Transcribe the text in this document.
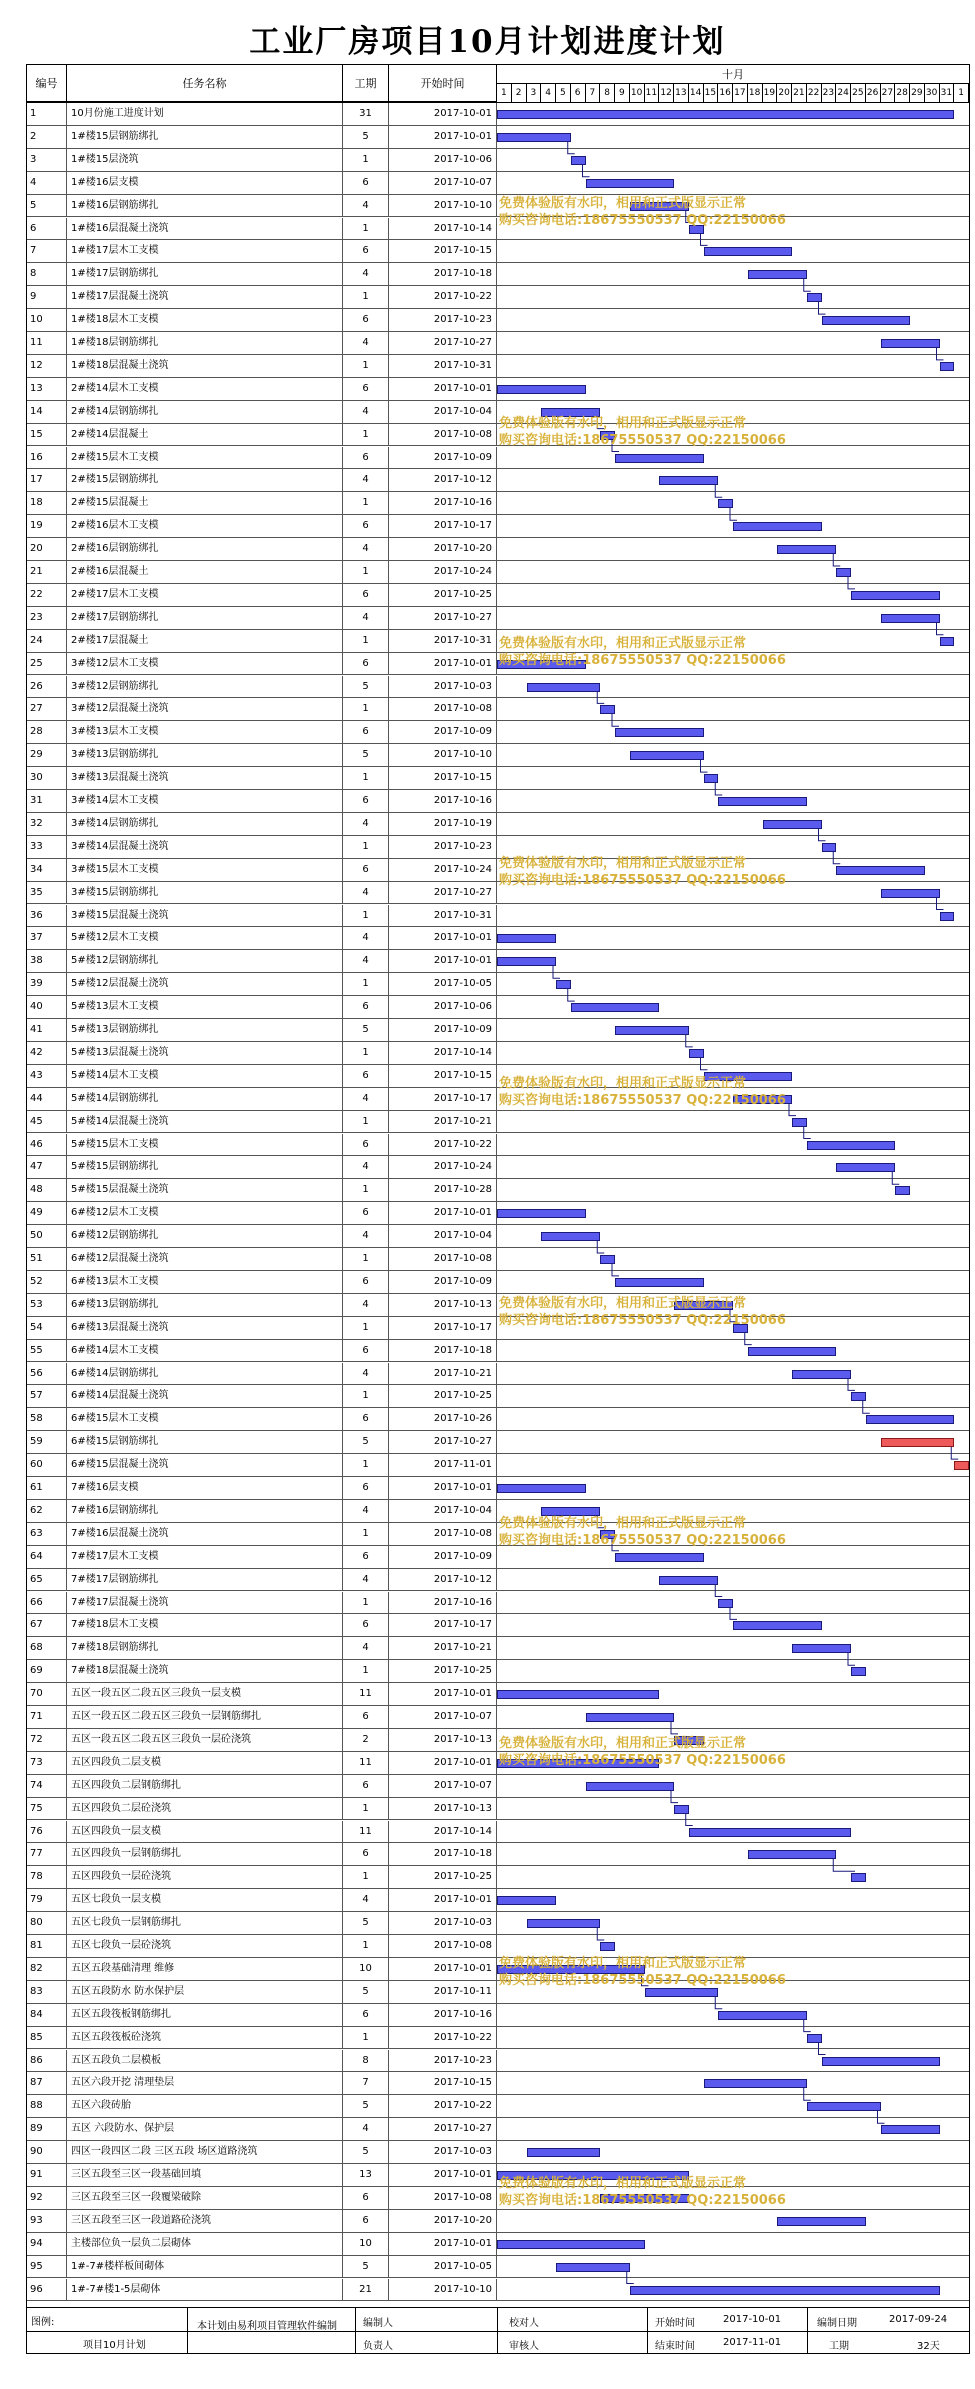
工业厂房项目10月计划进度计划
编号	任务名称	工期	开始时间
十月
1	2	3	4	5	6	7	8	9 10 11 12 13 14 15 16 17 18 19 20 21 22 23 24 25 26 27 28 29 30 31 1
1	10月份施工进度计划	31	2017-10-01
2	1#楼15层钢筋绑扎	5	2017-10-01
3	1#楼15层浇筑	1	2017-10-06
4	1#楼16层支模	6	2017-10-07
5	1#楼16层钢筋绑扎	4	2017-10-10
6	1#楼16层混凝土浇筑	1	2017-10-14
7	1#楼17层木工支模	6	2017-10-15
8	1#楼17层钢筋绑扎	4	2017-10-18
9	1#楼17层混凝土浇筑	1	2017-10-22
10	1#楼18层木工支模	6	2017-10-23
11	1#楼18层钢筋绑扎	4	2017-10-27
12	1#楼18层混凝土浇筑	1	2017-10-31
13	2#楼14层木工支模	6	2017-10-01
14	2#楼14层钢筋绑扎	4	2017-10-04
15	2#楼14层混凝土	1	2017-10-08
16	2#楼15层木工支模	6	2017-10-09
17	2#楼15层钢筋绑扎	4	2017-10-12
18	2#楼15层混凝土	1	2017-10-16
19	2#楼16层木工支模	6	2017-10-17
20	2#楼16层钢筋绑扎	4	2017-10-20
21	2#楼16层混凝土	1	2017-10-24
22	2#楼17层木工支模	6	2017-10-25
23	2#楼17层钢筋绑扎	4	2017-10-27
24	2#楼17层混凝土	1	2017-10-31
25	3#楼12层木工支模	6	2017-10-01
26	3#楼12层钢筋绑扎	5	2017-10-03
27	3#楼12层混凝土浇筑	1	2017-10-08
28	3#楼13层木工支模	6	2017-10-09
29	3#楼13层钢筋绑扎	5	2017-10-10
30	3#楼13层混凝土浇筑	1	2017-10-15
31	3#楼14层木工支模	6	2017-10-16
32	3#楼14层钢筋绑扎	4	2017-10-19
33	3#楼14层混凝土浇筑	1	2017-10-23
34	3#楼15层木工支模	6	2017-10-24
35	3#楼15层钢筋绑扎	4	2017-10-27
36	3#楼15层混凝土浇筑	1	2017-10-31
37	5#楼12层木工支模	4	2017-10-01
38	5#楼12层钢筋绑扎	4	2017-10-01
39	5#楼12层混凝土浇筑	1	2017-10-05
40	5#楼13层木工支模	6	2017-10-06
41	5#楼13层钢筋绑扎	5	2017-10-09
42	5#楼13层混凝土浇筑	1	2017-10-14
43	5#楼14层木工支模	6	2017-10-15
44	5#楼14层钢筋绑扎	4	2017-10-17
45	5#楼14层混凝土浇筑	1	2017-10-21
46	5#楼15层木工支模	6	2017-10-22
47	5#楼15层钢筋绑扎	4	2017-10-24
48	5#楼15层混凝土浇筑	1	2017-10-28
49	6#楼12层木工支模	6	2017-10-01
50	6#楼12层钢筋绑扎	4	2017-10-04
51	6#楼12层混凝土浇筑	1	2017-10-08
52	6#楼13层木工支模	6	2017-10-09
53	6#楼13层钢筋绑扎	4	2017-10-13
54	6#楼13层混凝土浇筑	1	2017-10-17
55	6#楼14层木工支模	6	2017-10-18
56	6#楼14层钢筋绑扎	4	2017-10-21
57	6#楼14层混凝土浇筑	1	2017-10-25
58	6#楼15层木工支模	6	2017-10-26
59	6#楼15层钢筋绑扎	5	2017-10-27
60	6#楼15层混凝土浇筑	1	2017-11-01
61	7#楼16层支模	6	2017-10-01
62	7#楼16层钢筋绑扎	4	2017-10-04
63	7#楼16层混凝土浇筑	1	2017-10-08
64	7#楼17层木工支模	6	2017-10-09
65	7#楼17层钢筋绑扎	4	2017-10-12
66	7#楼17层混凝土浇筑	1	2017-10-16
67	7#楼18层木工支模	6	2017-10-17
68	7#楼18层钢筋绑扎	4	2017-10-21
69	7#楼18层混凝土浇筑	1	2017-10-25
70	五区一段五区二段五区三段负一层支模	11	2017-10-01
71	五区一段五区二段五区三段负一层钢筋绑扎	6	2017-10-07
72	五区一段五区二段五区三段负一层砼浇筑	2	2017-10-13
73	五区四段负二层支模	11	2017-10-01
74	五区四段负二层钢筋绑扎	6	2017-10-07
75	五区四段负二层砼浇筑	1	2017-10-13
76	五区四段负一层支模	11	2017-10-14
77	五区四段负一层钢筋绑扎	6	2017-10-18
78	五区四段负一层砼浇筑	1	2017-10-25
79	五区七段负一层支模	4	2017-10-01
80	五区七段负一层钢筋绑扎	5	2017-10-03
81	五区七段负一层砼浇筑	1	2017-10-08
82	五区五段基础清理 维修	10	2017-10-01
83	五区五段防水 防水保护层	5	2017-10-11
84	五区五段筏板钢筋绑扎	6	2017-10-16
85	五区五段筏板砼浇筑	1	2017-10-22
86	五区五段负二层模板	8	2017-10-23
87	五区六段开挖 清理垫层	7	2017-10-15
88	五区六段砖胎	5	2017-10-22
89	五区 六段防水、保护层	4	2017-10-27
90	四区一段四区二段 三区五段 场区道路浇筑	5	2017-10-03
91	三区五段至三区一段基础回填	13	2017-10-01
92	三区五段至三区一段覆梁破除	6	2017-10-08
93	三区五段至三区一段道路砼浇筑	6	2017-10-20
94	主楼部位负一层负二层砌体	10	2017-10-01
95	1#-7#楼样板间砌体	5	2017-10-05
96	1#-7#楼1-5层砌体	21	2017-10-10
免费体验版有水印，相用和正式版显示正常
购买咨询电话:18675550537 QQ:22150066
免费体验版有水印，相用和正式版显示正常
购买咨询电话:18675550537 QQ:22150066
免费体验版有水印，相用和正式版显示正常
购买咨询电话:18675550537 QQ:22150066
免费体验版有水印，相用和正式版显示正常
购买咨询电话:18675550537 QQ:22150066
免费体验版有水印，相用和正式版显示正常
购买咨询电话:18675550537 QQ:22150066
免费体验版有水印，相用和正式版显示正常
购买咨询电话:18675550537 QQ:22150066
免费体验版有水印，相用和正式版显示正常
购买咨询电话:18675550537 QQ:22150066
免费体验版有水印，相用和正式版显示正常
购买咨询电话:18675550537 QQ:22150066
免费体验版有水印，相用和正式版显示正常
购买咨询电话:18675550537 QQ:22150066
免费体验版有水印，相用和正式版显示正常
购买咨询电话:18675550537 QQ:22150066
图例:
项目10月计划
本计划由易利项目管理软件编制	编制人
负责人
校对人
审核人
开始时间	2017-10-01
结束时间	2017-11-01
编制日期	2017-09-24
工期	32天
